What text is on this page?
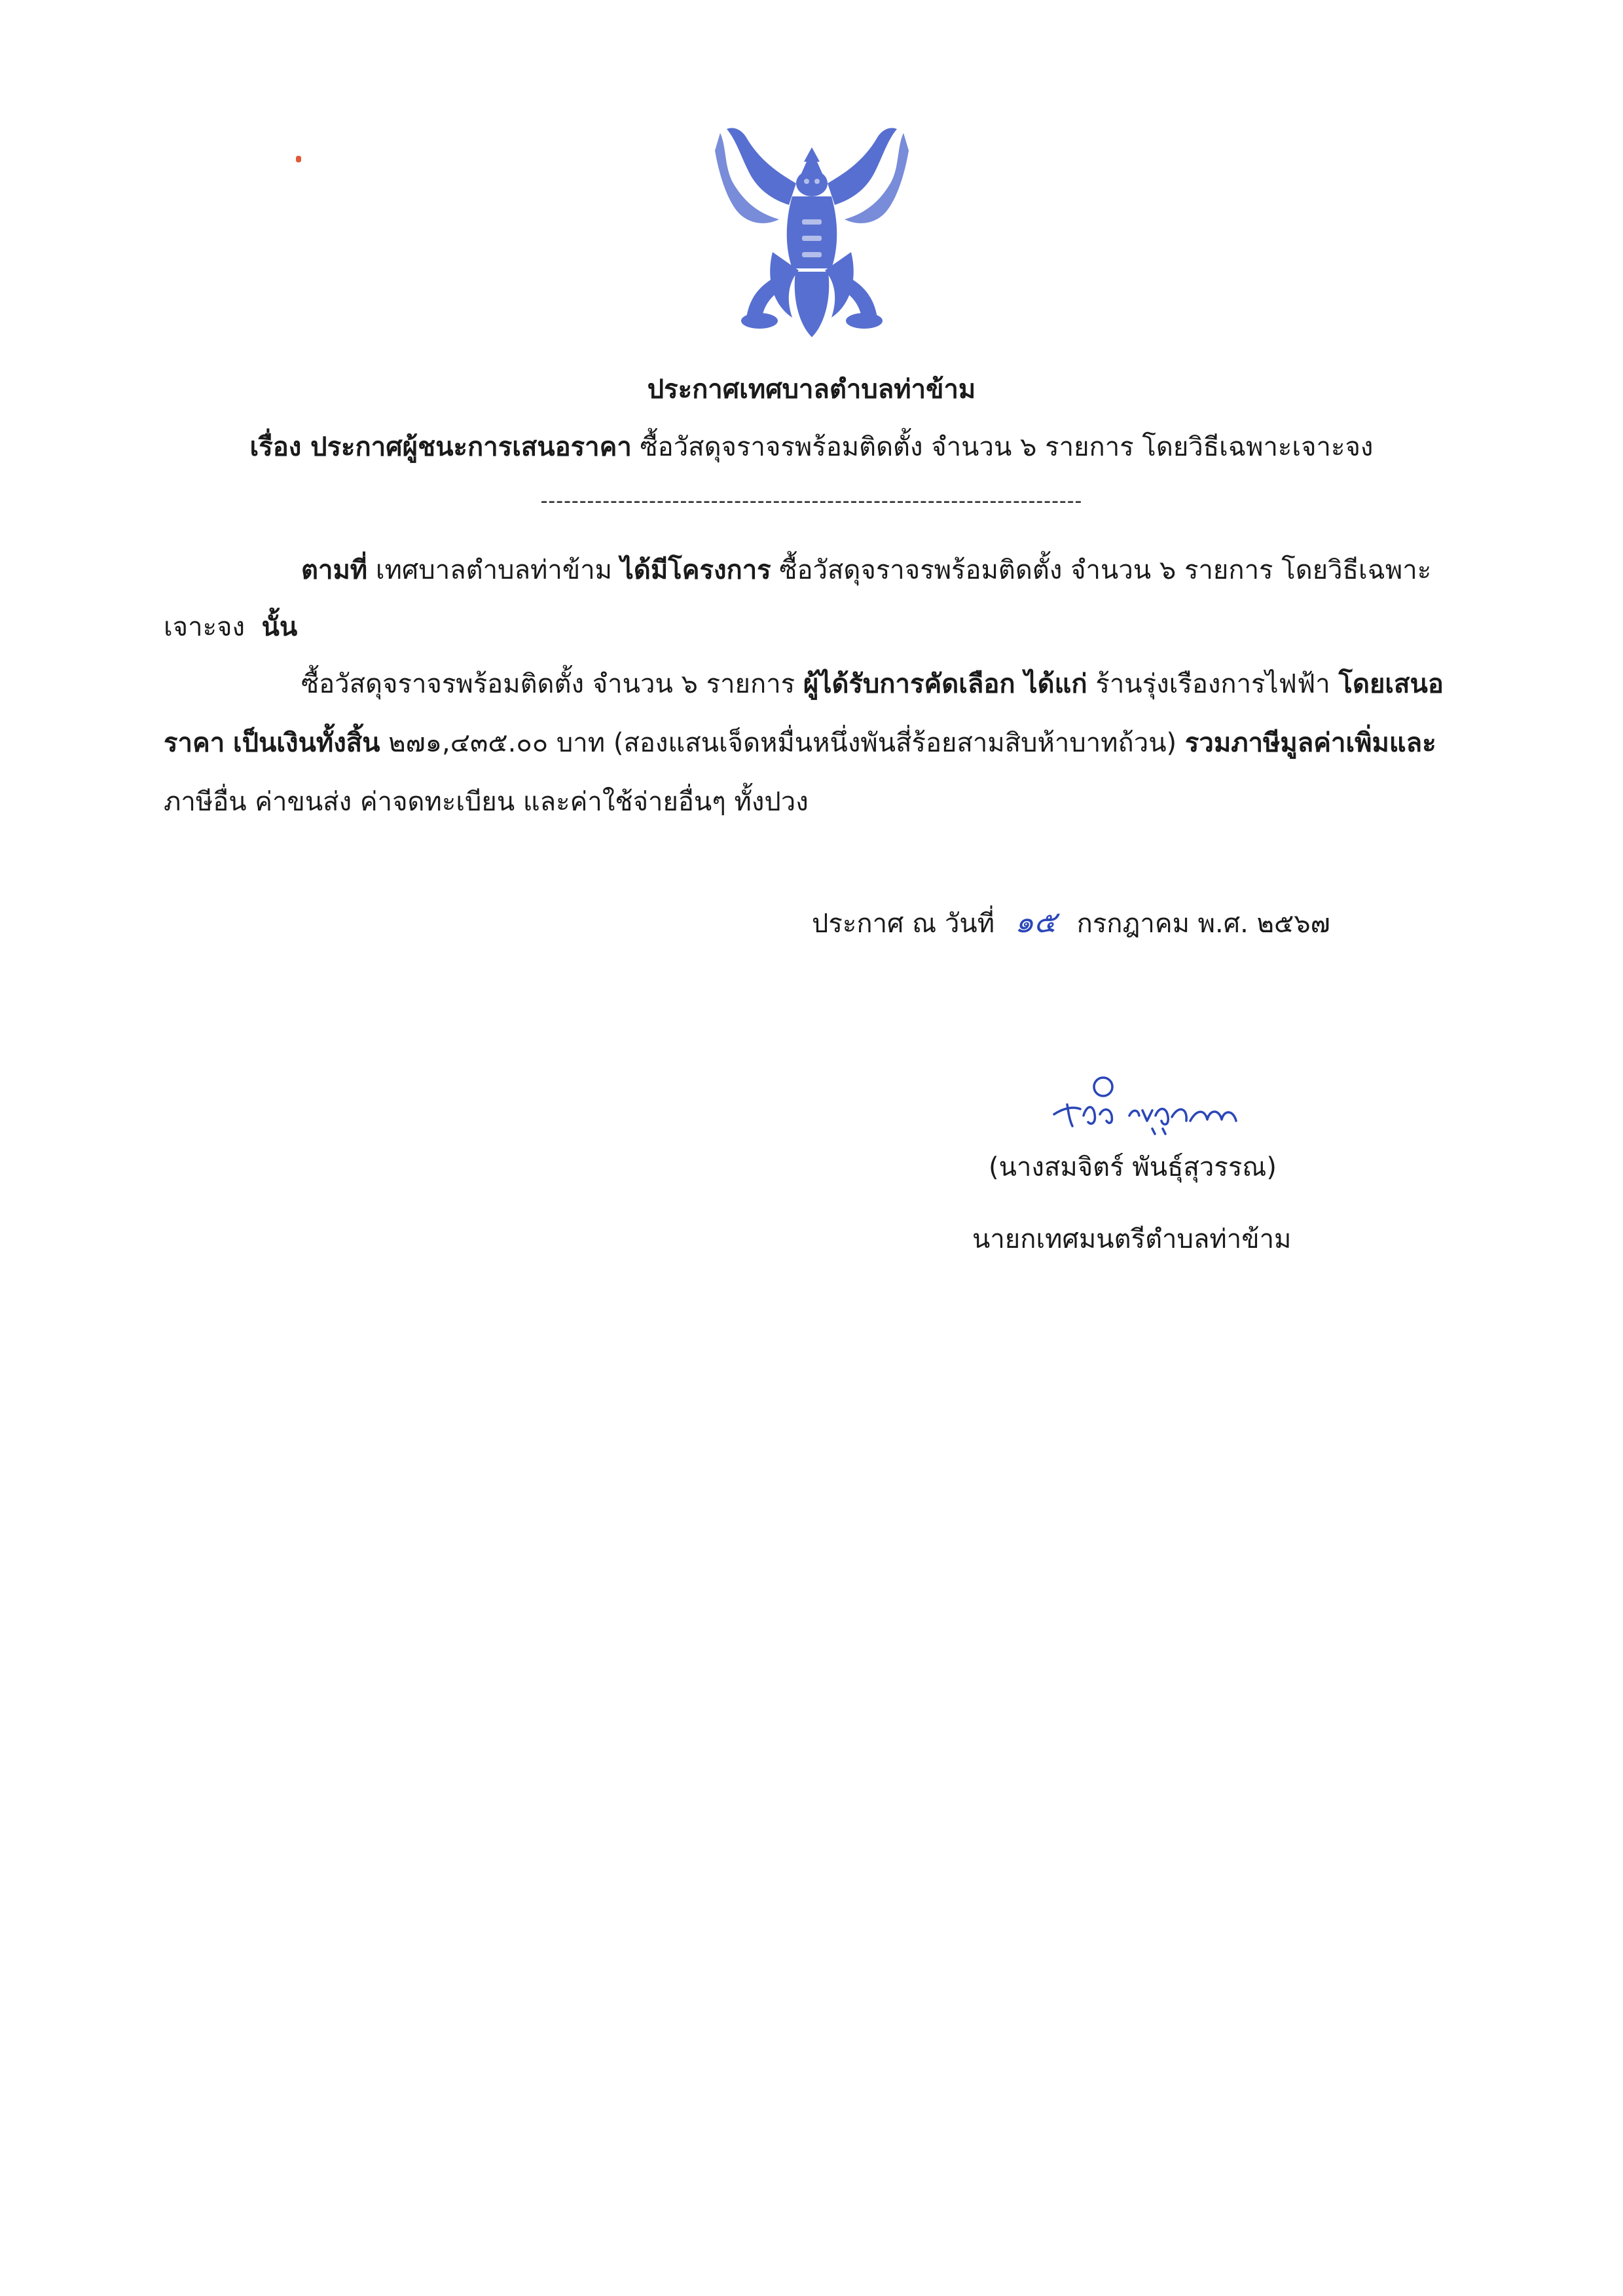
ประกาศเทศบาลตำบลท่าข้าม
เรื่อง ประกาศผู้ชนะการเสนอราคา ซื้อวัสดุจราจรพร้อมติดตั้ง จำนวน ๖ รายการ โดยวิธีเฉพาะเจาะจง
----------------------------------------------------------------------
ตามที่ เทศบาลตำบลท่าข้าม ได้มีโครงการ ซื้อวัสดุจราจรพร้อมติดตั้ง จำนวน ๖ รายการ โดยวิธีเฉพาะ
เจาะจง นั้น
ซื้อวัสดุจราจรพร้อมติดตั้ง จำนวน ๖ รายการ ผู้ได้รับการคัดเลือก ได้แก่ ร้านรุ่งเรืองการไฟฟ้า โดยเสนอ
ราคา เป็นเงินทั้งสิ้น ๒๗๑,๔๓๕.๐๐ บาท (สองแสนเจ็ดหมื่นหนึ่งพันสี่ร้อยสามสิบห้าบาทถ้วน) รวมภาษีมูลค่าเพิ่มและ
ภาษีอื่น ค่าขนส่ง ค่าจดทะเบียน และค่าใช้จ่ายอื่นๆ ทั้งปวง
ประกาศ ณ วันที่ ๑๕ กรกฎาคม พ.ศ. ๒๕๖๗
(นางสมจิตร์ พันธุ์สุวรรณ)
นายกเทศมนตรีตำบลท่าข้าม
